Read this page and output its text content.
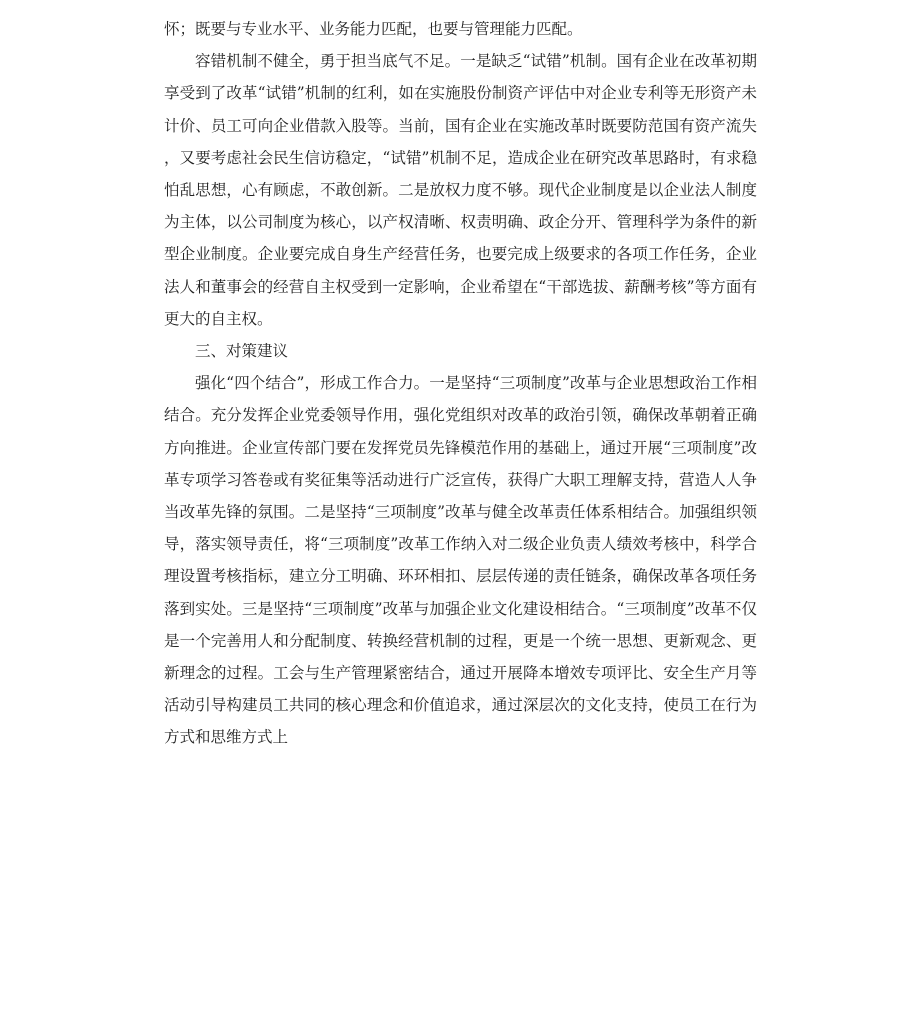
怀；既要与专业水平、业务能力匹配，也要与管理能力匹配。

容错机制不健全，勇于担当底气不足。一是缺乏“试错”机制。国有企业在改革初期享受到了改革“试错”机制的红利，如在实施股份制资产评估中对企业专利等无形资产未计价、员工可向企业借款入股等。当前，国有企业在实施改革时既要防范国有资产流失，又要考虑社会民生信访稳定，“试错”机制不足，造成企业在研究改革思路时，有求稳怕乱思想，心有顾虑，不敢创新。二是放权力度不够。现代企业制度是以企业法人制度为主体，以公司制度为核心，以产权清晰、权责明确、政企分开、管理科学为条件的新型企业制度。企业要完成自身生产经营任务，也要完成上级要求的各项工作任务，企业法人和董事会的经营自主权受到一定影响，企业希望在“干部选拔、薪酬考核”等方面有更大的自主权。

三、对策建议

强化“四个结合”，形成工作合力。一是坚持“三项制度”改革与企业思想政治工作相结合。充分发挥企业党委领导作用，强化党组织对改革的政治引领，确保改革朝着正确方向推进。企业宣传部门要在发挥党员先锋模范作用的基础上，通过开展“三项制度”改革专项学习答卷或有奖征集等活动进行广泛宣传，获得广大职工理解支持，营造人人争当改革先锋的氛围。二是坚持“三项制度”改革与健全改革责任体系相结合。加强组织领导，落实领导责任，将“三项制度”改革工作纳入对二级企业负责人绩效考核中，科学合理设置考核指标，建立分工明确、环环相扣、层层传递的责任链条，确保改革各项任务落到实处。三是坚持“三项制度”改革与加强企业文化建设相结合。“三项制度”改革不仅是一个完善用人和分配制度、转换经营机制的过程，更是一个统一思想、更新观念、更新理念的过程。工会与生产管理紧密结合，通过开展降本增效专项评比、安全生产月等活动引导构建员工共同的核心理念和价值追求，通过深层次的文化支持，使员工在行为方式和思维方式上
